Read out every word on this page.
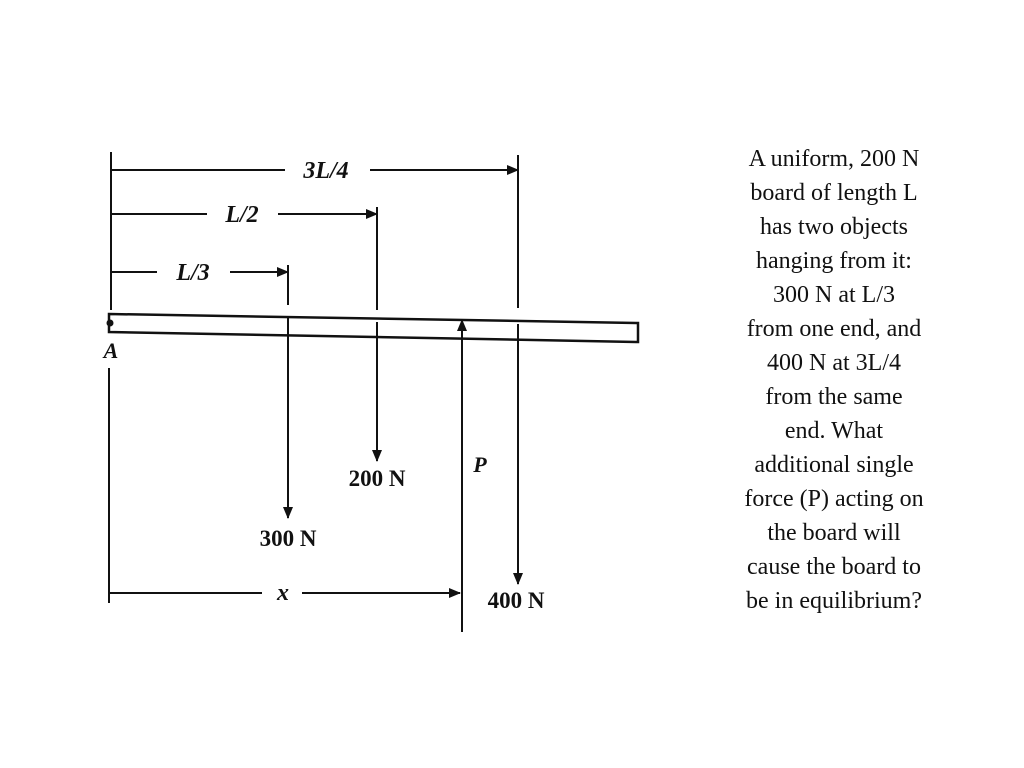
3L/4
L/2
L/3
A
300 N
200 N
400 N
P
x
A uniform, 200 N
board of length L
has two objects
hanging from it:
300 N at L/3
from one end, and
400 N at 3L/4
from the same
end. What
additional single
force (P) acting on
the board will
cause the board to
be in equilibrium?
